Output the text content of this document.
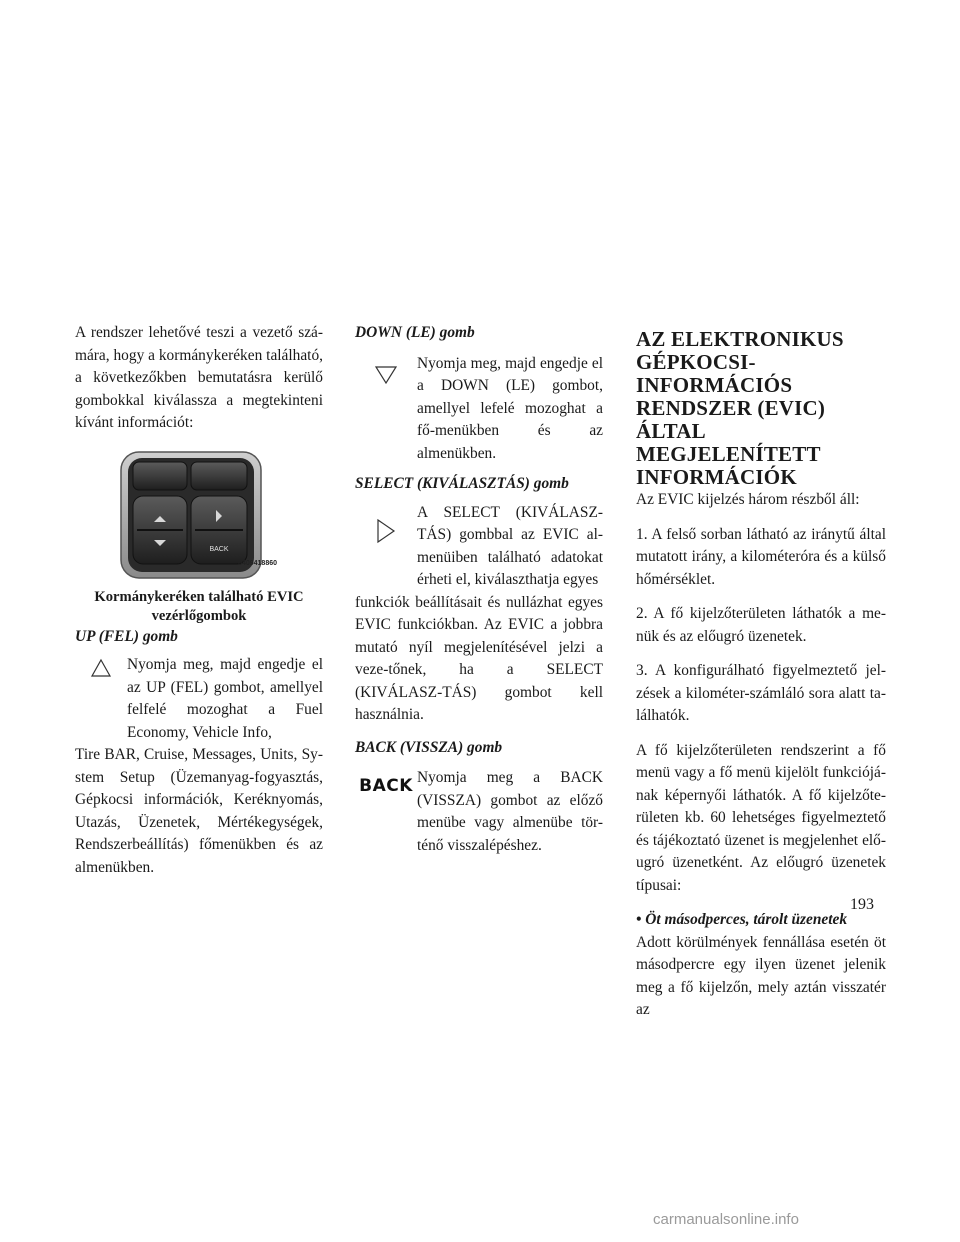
A rendszer lehetővé teszi a vezető szá-mára, hogy a kormánykeréken található, a következőkben bemutatásra kerülő gombokkal kiválassza a megtekinteni kívánt információt:

BACK
0409418860

Kormánykeréken található EVIC
vezérlőgombok

UP (FEL) gomb

Nyomja meg, majd engedje el az UP (FEL) gombot, amellyel felfelé mozoghat a Fuel Economy, Vehicle Info,

Tire BAR, Cruise, Messages, Units, Sy-stem Setup (Üzemanyag-fogyasztás, Gépkocsi információk, Keréknyomás, Utazás, Üzenetek, Mértékegységek, Rendszerbeállítás) főmenükben és az almenükben.

DOWN (LE) gomb

Nyomja meg, majd engedje el a DOWN (LE) gombot, amellyel lefelé mozoghat a fő-menükben és az almenükben.

SELECT (KIVÁLASZTÁS) gomb

A SELECT (KIVÁLASZ-TÁS) gombbal az EVIC al-menüiben található adatokat érheti el, kiválaszthatja egyes

funkciók beállításait és nullázhat egyes EVIC funkciókban. Az EVIC a jobbra mutató nyíl megjelenítésével jelzi a veze-tőnek, ha a SELECT (KIVÁLASZ-TÁS) gombot kell használnia.

BACK (VISSZA) gomb

BACK Nyomja meg a BACK (VISSZA) gombot az előző menübe vagy almenübe tör-ténő visszalépéshez.

AZ ELEKTRONIKUS GÉPKOCSI-INFORMÁCIÓS RENDSZER (EVIC) ÁLTAL MEGJELENÍTETT INFORMÁCIÓK

Az EVIC kijelzés három részből áll:

1. A felső sorban látható az iránytű által mutatott irány, a kilométeróra és a külső hőmérséklet.

2. A fő kijelzőterületen láthatók a me-nük és az előugró üzenetek.

3. A konfigurálható figyelmeztető jel-zések a kilométer-számláló sora alatt ta-lálhatók.

A fő kijelzőterületen rendszerint a fő menü vagy a fő menü kijelölt funkciójá-nak képernyői láthatók. A fő kijelzőte-rületen kb. 60 lehetséges figyelmeztető és tájékoztató üzenet is megjelenhet elő-ugró üzenetként. Az előugró üzenetek típusai:

• Öt másodperces, tárolt üzenetek

Adott körülmények fennállása esetén öt másodpercre egy ilyen üzenet jelenik meg a fő kijelzőn, mely aztán visszatér az

193
carmanualsonline.info
